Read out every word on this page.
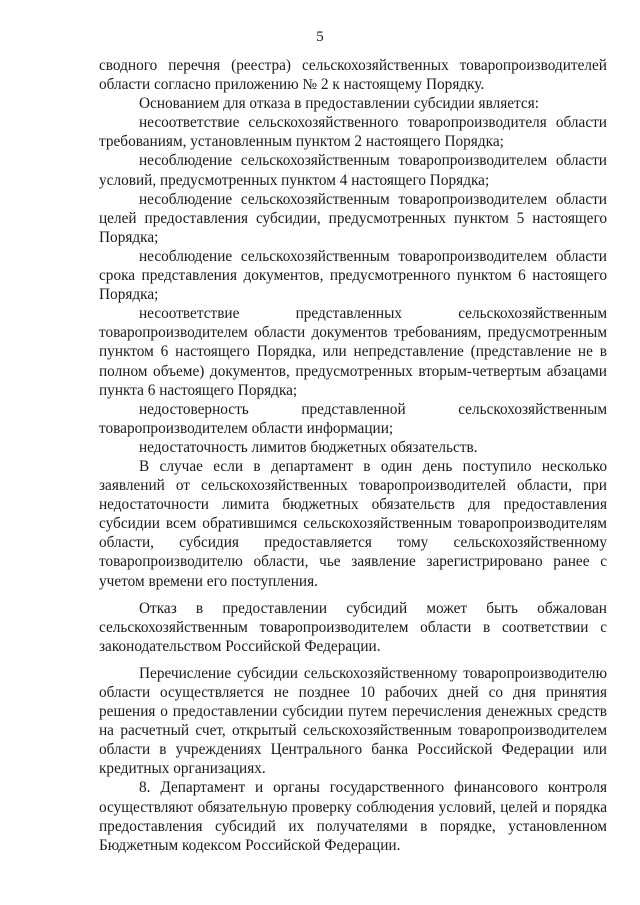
5

сводного перечня (реестра) сельскохозяйственных товаропроизводителей области согласно приложению № 2 к настоящему Порядку.

Основанием для отказа в предоставлении субсидии является:

несоответствие сельскохозяйственного товаропроизводителя области требованиям, установленным пунктом 2 настоящего Порядка;

несоблюдение сельскохозяйственным товаропроизводителем области условий, предусмотренных пунктом 4 настоящего Порядка;

несоблюдение сельскохозяйственным товаропроизводителем области целей предоставления субсидии, предусмотренных пунктом 5 настоящего Порядка;

несоблюдение сельскохозяйственным товаропроизводителем области срока представления документов, предусмотренного пунктом 6 настоящего Порядка;

несоответствие представленных сельскохозяйственным товаропроизводителем области документов требованиям, предусмотренным пунктом 6 настоящего Порядка, или непредставление (представление не в полном объеме) документов, предусмотренных вторым-четвертым абзацами пункта 6 настоящего Порядка;

недостоверность представленной сельскохозяйственным товаропроизводителем области информации;

недостаточность лимитов бюджетных обязательств.

В случае если в департамент в один день поступило несколько заявлений от сельскохозяйственных товаропроизводителей области, при недостаточности лимита бюджетных обязательств для предоставления субсидии всем обратившимся сельскохозяйственным товаропроизводителям области, субсидия предоставляется тому сельскохозяйственному товаропроизводителю области, чье заявление зарегистрировано ранее с учетом времени его поступления.

Отказ в предоставлении субсидий может быть обжалован сельскохозяйственным товаропроизводителем области в соответствии с законодательством Российской Федерации.

Перечисление субсидии сельскохозяйственному товаропроизводителю области осуществляется не позднее 10 рабочих дней со дня принятия решения о предоставлении субсидии путем перечисления денежных средств на расчетный счет, открытый сельскохозяйственным товаропроизводителем области в учреждениях Центрального банка Российской Федерации или кредитных организациях.

8. Департамент и органы государственного финансового контроля осуществляют обязательную проверку соблюдения условий, целей и порядка предоставления субсидий их получателями в порядке, установленном Бюджетным кодексом Российской Федерации.
